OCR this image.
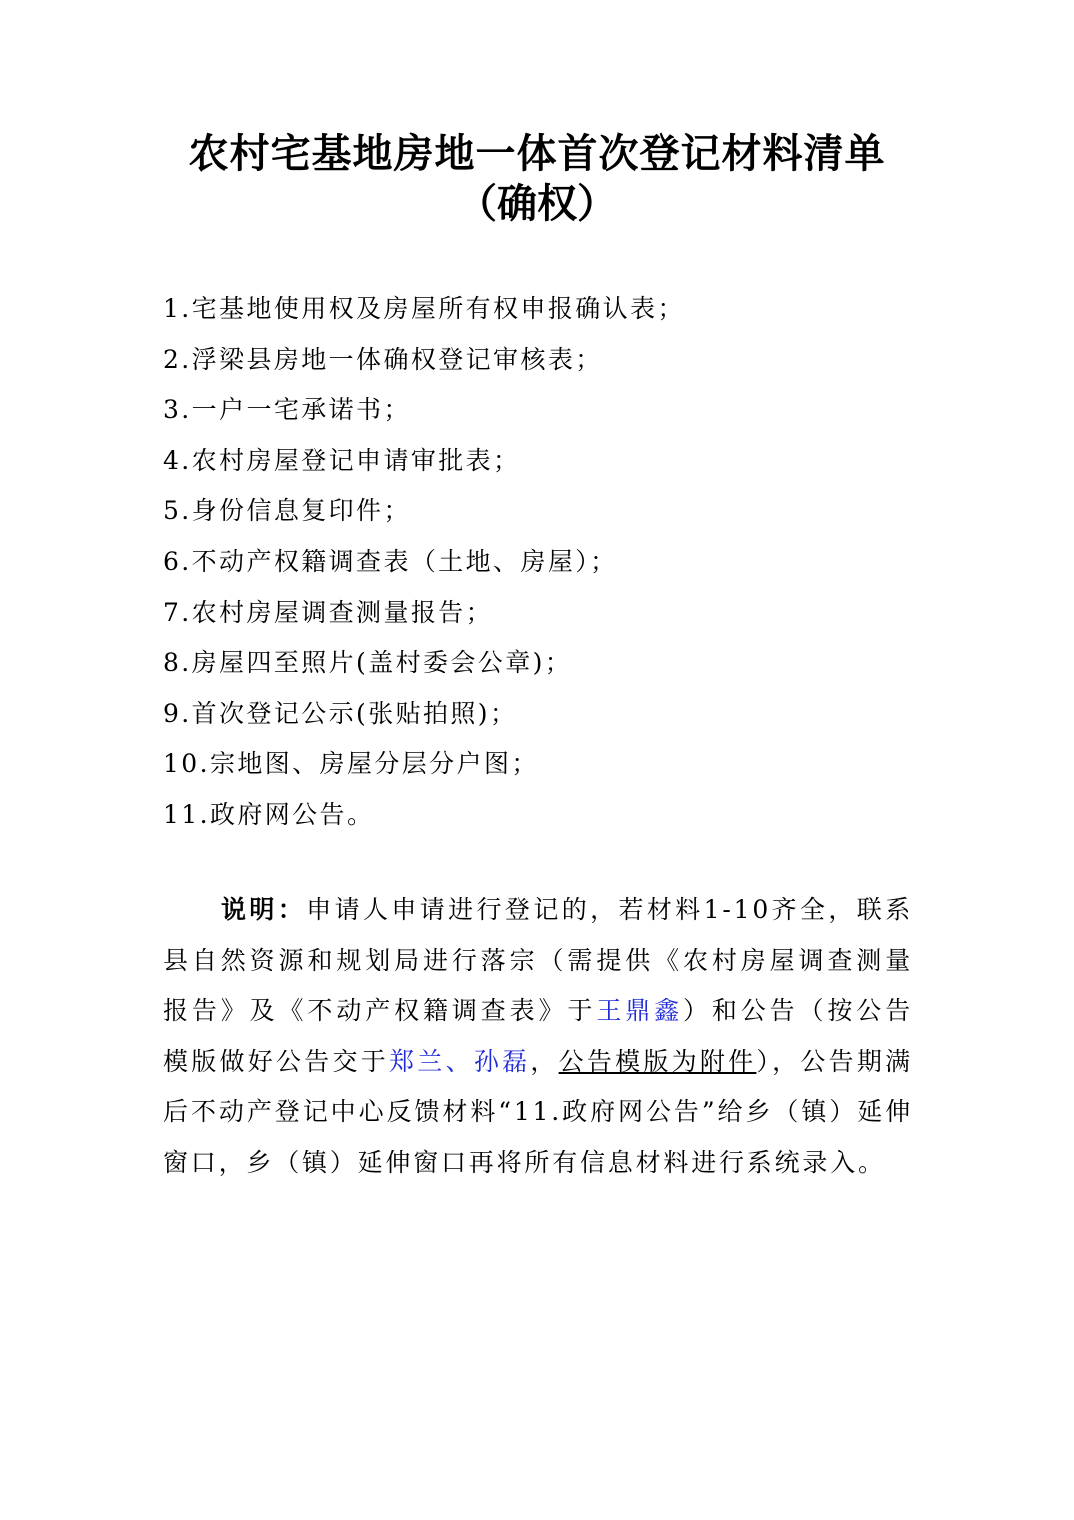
农村宅基地房地一体首次登记材料清单
（确权）
1.宅基地使用权及房屋所有权申报确认表；
2.浮梁县房地一体确权登记审核表；
3.一户一宅承诺书；
4.农村房屋登记申请审批表；
5.身份信息复印件；
6.不动产权籍调查表（土地、房屋）；
7.农村房屋调查测量报告；
8.房屋四至照片(盖村委会公章)；
9.首次登记公示(张贴拍照)；
10.宗地图、房屋分层分户图；
11.政府网公告。

说明：申请人申请进行登记的，若材料1-10齐全，联系县自然资源和规划局进行落宗（需提供《农村房屋调查测量报告》及《不动产权籍调查表》于王鼎鑫）和公告（按公告模版做好公告交于郑兰、孙磊，公告模版为附件），公告期满后不动产登记中心反馈材料“11.政府网公告”给乡（镇）延伸窗口，乡（镇）延伸窗口再将所有信息材料进行系统录入。
